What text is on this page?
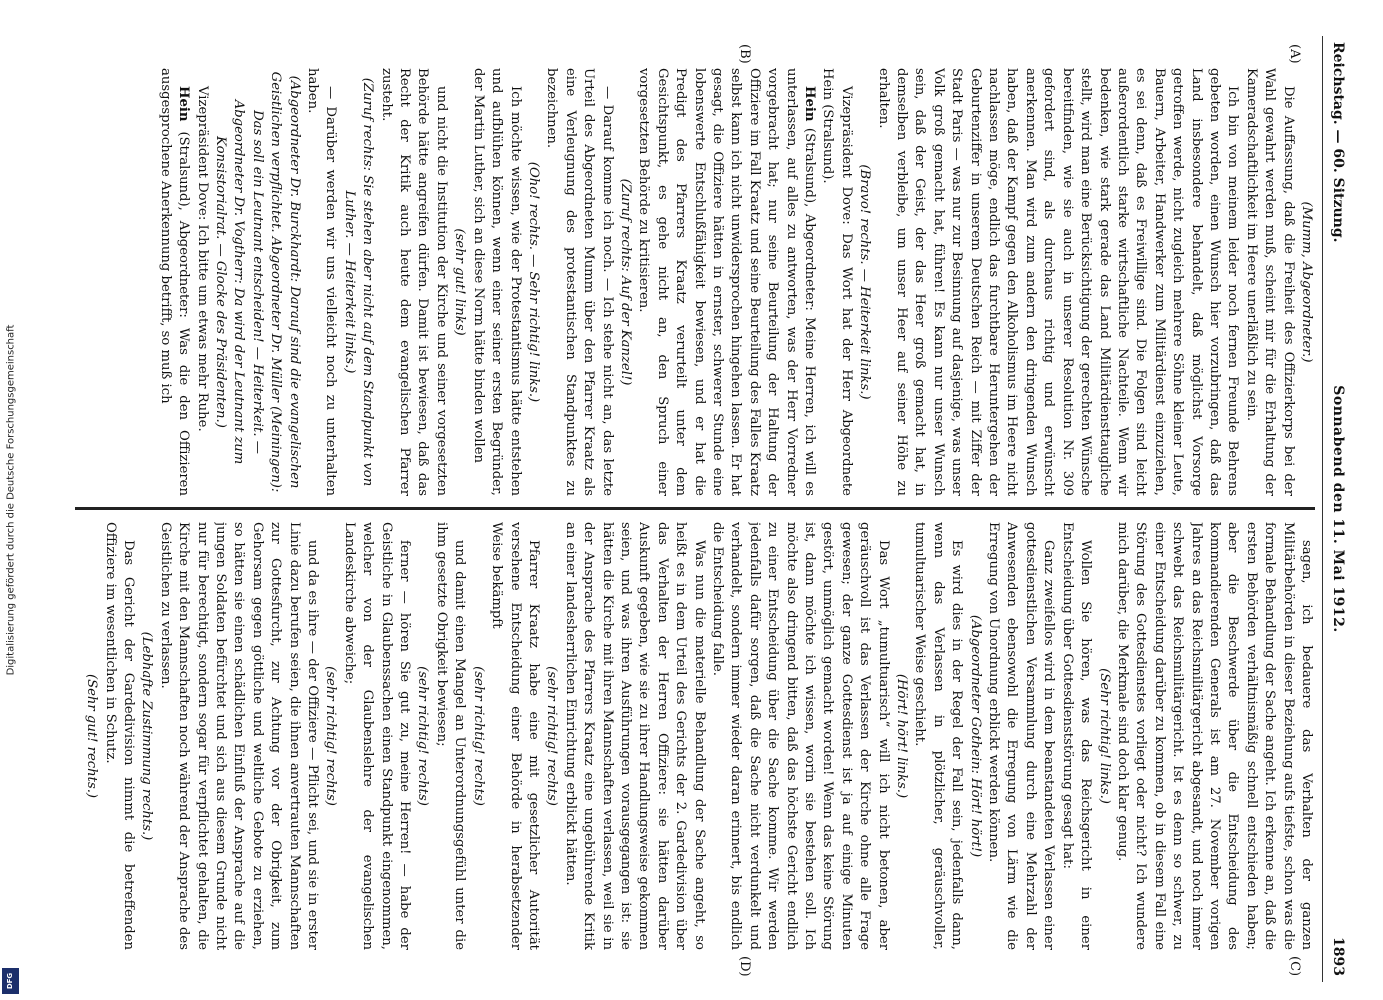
Digitalisierung gefördert durch die Deutsche Forschungsgemeinschaft
DFG
Reichstag. — 60. Sitzung.
Sonnabend den 11. Mai 1912.
1893
(A)
(B)
(C)
(D)

(Mumm, Abgeordneter.)

Die Auffassung, daß die Freiheit des Offizierkorps bei der Wahl gewahrt werden muß, scheint mir für die Erhaltung der Kameradschaftlichkeit im Heere unerläßlich zu sein.

Ich bin von meinem leider noch fernen Freunde Behrens gebeten worden, einen Wunsch hier vorzubringen, daß das Land insbesondere behandelt, daß möglichst Vorsorge getroffen werde, nicht zugleich mehrere Söhne kleiner Leute, Bauern, Arbeiter, Handwerker zum Militärdienst einzuziehen, es sei denn, daß es Freiwillige sind. Die Folgen sind leicht außerordentlich starke wirtschaftliche Nachteile. Wenn wir bedenken, wie stark gerade das Land Militärdiensttaugliche stellt, wird man eine Berücksichtigung der gerechten Wünsche bereitfinden, wie sie auch in unserer Resolution Nr. 309 gefordert sind, als durchaus richtig und erwünscht anerkennen. Man wird zum andern den dringenden Wunsch haben, daß der Kampf gegen den Alkoholismus im Heere nicht nachlassen möge, endlich das furchtbare Heruntergehen der Geburtenziffer in unserem Deutschen Reich — mit Ziffer der Stadt Paris — was nur zur Besinnung auf dasjenige, was unser Volk groß gemacht hat, führen! Es kann nur unser Wunsch sein, daß der Geist, der das Heer groß gemacht hat, in demselben verbleibe, um unser Heer auf seiner Höhe zu erhalten.

(Bravo! rechts. — Heiterkeit links.)

Vizepräsident Dove: Das Wort hat der Herr Abgeordnete Hein (Stralsund).

Hein (Stralsund), Abgeordneter: Meine Herren, ich will es unterlassen, auf alles zu antworten, was der Herr Vorredner vorgebracht hat; nur seine Beurteilung der Haltung der Offiziere im Fall Kraatz und seine Beurteilung des Falles Kraatz selbst kann ich nicht unwidersprochen hingehen lassen. Er hat gesagt, die Offiziere hätten in ernster, schwerer Stunde eine lobenswerte Entschlußfähigkeit bewiesen, und er hat die Predigt des Pfarrers Kraatz verurteilt unter dem Gesichtspunkt, es gehe nicht an, den Spruch einer vorgesetzten Behörde zu kritisieren.

(Zuruf rechts: Auf der Kanzel!)

— Darauf komme ich noch. — Ich stehe nicht an, das letzte Urteil des Abgeordneten Mumm über den Pfarrer Kraatz als eine Verleugnung des protestantischen Standpunktes zu bezeichnen.

(Oho! rechts. — Sehr richtig! links.)

Ich möchte wissen, wie der Protestantismus hätte entstehen und aufblühen können, wenn einer seiner ersten Begründer, der Martin Luther, sich an diese Norm hätte binden wollen

(sehr gut! links)

und nicht die Institution der Kirche und seiner vorgesetzten Behörde hätte angreifen dürfen. Damit ist bewiesen, daß das Recht der Kritik auch heute dem evangelischen Pfarrer zusteht.

(Zuruf rechts: Sie stehen aber nicht auf dem Standpunkt von Luther. — Heiterkeit links.)

— Darüber werden wir uns vielleicht noch zu unterhalten haben.

(Abgeordneter Dr. Burckhardt: Darauf sind die evangelischen Geistlichen verpflichtet. Abgeordneter Dr. Müller (Meiningen): Das soll ein Leutnant entscheiden! — Heiterkeit. — Abgeordneter Dr. Vogtherr: Da wird der Leutnant zum Konsistorialrat. — Glocke des Präsidenten.)

Vizepräsident Dove: Ich bitte um etwas mehr Ruhe.

Hein (Stralsund), Abgeordneter: Was die den Offizieren ausgesprochene Anerkennung betrifft, so muß ich

sagen, ich bedauere das Verhalten der ganzen Militärbehörden in dieser Beziehung aufs tiefste, schon was die formale Behandlung der Sache angeht. Ich erkenne an, daß die ersten Behörden verhältnismäßig schnell entschieden haben; aber die Beschwerde über die Entscheidung des kommandierenden Generals ist am 27. November vorigen Jahres an das Reichsmilitärgericht abgesandt, und noch immer schwebt das Reichsmilitärgericht. Ist es denn so schwer, zu einer Entscheidung darüber zu kommen, ob in diesem Fall eine Störung des Gottesdienstes vorliegt oder nicht? Ich wundere mich darüber, die Merkmale sind doch klar genug.

(Sehr richtig! links.)

Wollen Sie hören, was das Reichsgericht in einer Entscheidung über Gottesdienststörung gesagt hat:

Ganz zweifellos wird in dem beanstandeten Verlassen einer gottesdienstlichen Versammlung durch eine Mehrzahl der Anwesenden ebensowohl die Erregung von Lärm wie die Erregung von Unordnung erblickt werden können.

(Abgeordneter Gothein: Hört! hört!)

Es wird dies in der Regel der Fall sein, jedenfalls dann, wenn das Verlassen in plötzlicher, geräuschvoller, tumultuarischer Weise geschieht.

(Hört! hört! links.)

Das Wort „tumultuarisch“ will ich nicht betonen, aber geräuschvoll ist das Verlassen der Kirche ohne alle Frage gewesen; der ganze Gottesdienst ist ja auf einige Minuten gestört, unmöglich gemacht worden! Wenn das keine Störung ist, dann möchte ich wissen, worin sie bestehen soll. Ich möchte also dringend bitten, daß das höchste Gericht endlich zu einer Entscheidung über die Sache komme. Wir werden jedenfalls dafür sorgen, daß die Sache nicht verdunkelt und verhandelt, sondern immer wieder daran erinnert, bis endlich die Entscheidung falle.

Was nun die materielle Behandlung der Sache angeht, so heißt es in dem Urteil des Gerichts der 2. Gardedivision über das Verhalten der Herren Offiziere: sie hätten darüber Auskunft gegeben, wie sie zu ihrer Handlungsweise gekommen seien, und was ihren Ausführungen vorausgegangen ist: sie hätten die Kirche mit ihren Mannschaften verlassen, weil sie in der Ansprache des Pfarrers Kraatz eine ungebührende Kritik an einer landesherrlichen Einrichtung erblickt hätten.

(sehr richtig! rechts)

Pfarrer Kraatz habe eine mit gesetzlicher Autorität versehene Entscheidung einer Behörde in herabsetzender Weise bekämpft

(sehr richtig! rechts)

und damit einen Mangel an Unterordnungsgefühl unter die ihm gesetzte Obrigkeit bewiesen;

(sehr richtig! rechts)

ferner — hören Sie gut zu, meine Herren! — habe der Geistliche in Glaubenssachen einen Standpunkt eingenommen, welcher von der Glaubenslehre der evangelischen Landeskirche abweiche;

(sehr richtig! rechts)

und da es ihre — der Offiziere — Pflicht sei, und sie in erster Linie dazu berufen seien, die ihnen anvertrauten Mannschaften zur Gottesfurcht, zur Achtung vor der Obrigkeit, zum Gehorsam gegen göttliche und weltliche Gebote zu erziehen, so hätten sie einen schädlichen Einfluß der Ansprache auf die jungen Soldaten befürchtet und sich aus diesem Grunde nicht nur für berechtigt, sondern sogar für verpflichtet gehalten, die Kirche mit den Mannschaften noch während der Ansprache des Geistlichen zu verlassen.

(Lebhafte Zustimmung rechts.)

Das Gericht der Gardedivision nimmt die betreffenden Offiziere im wesentlichen in Schutz.

(Sehr gut! rechts.)
